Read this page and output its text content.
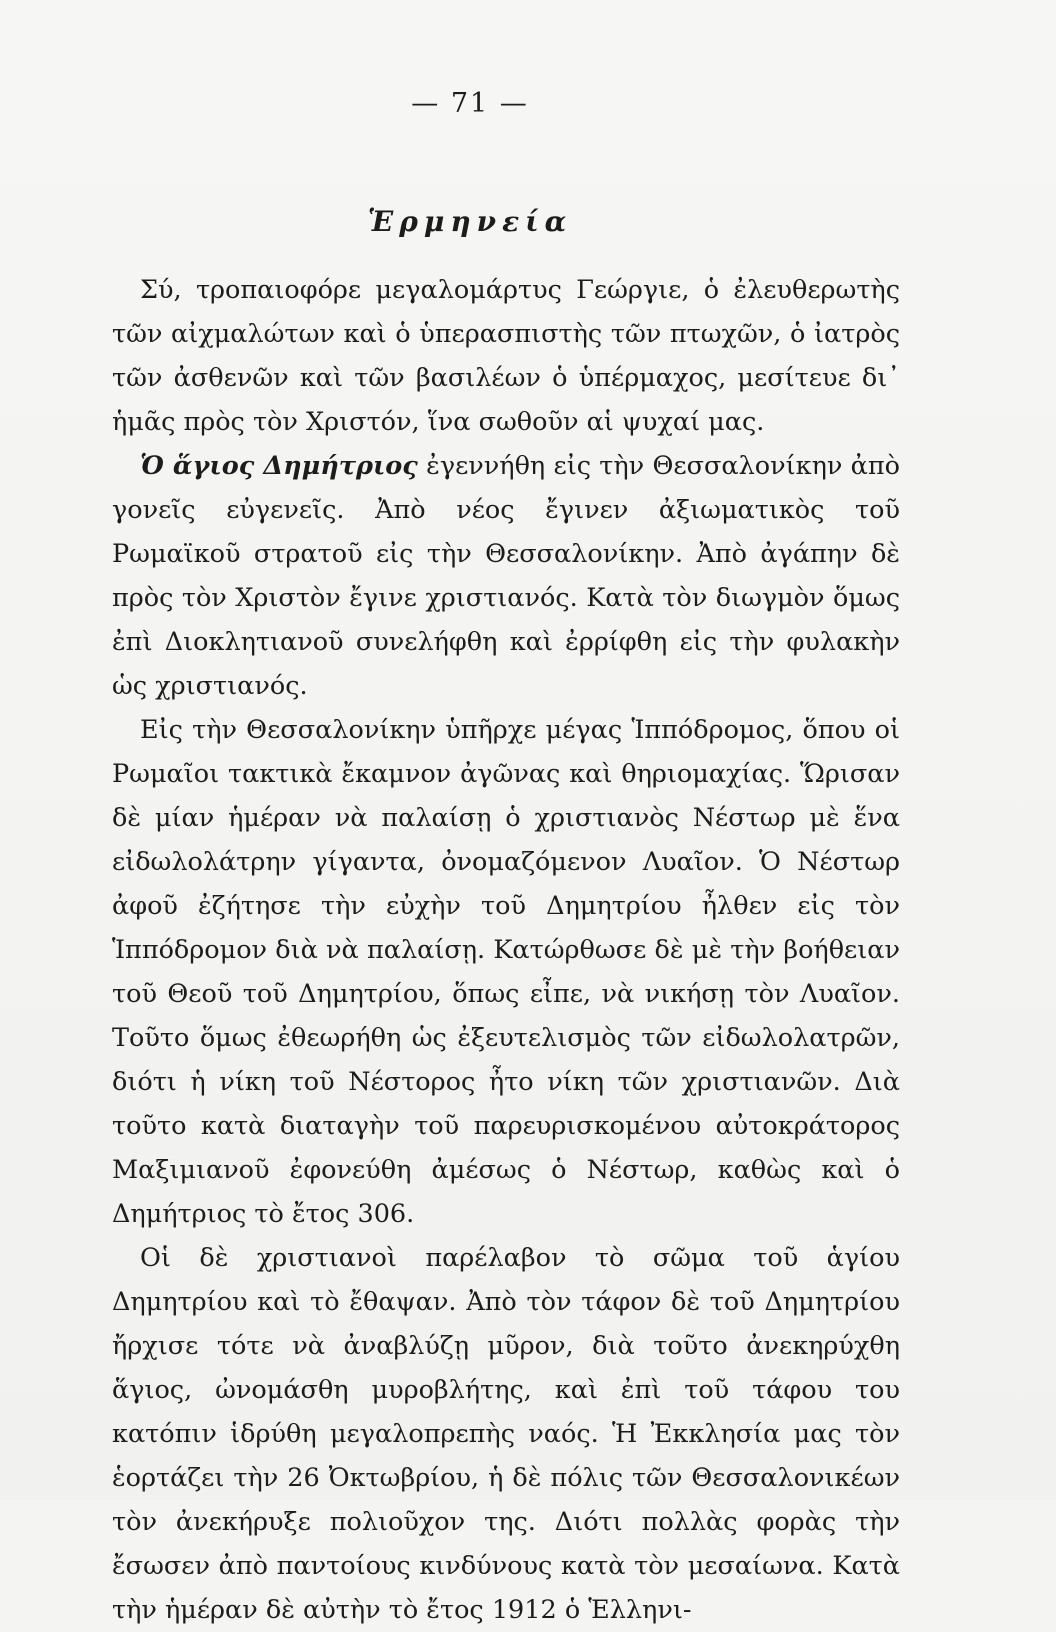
— 71 —
Ἑρμηνεία

Σύ, τροπαιοφόρε μεγαλομάρτυς Γεώργιε, ὁ ἐλευθερωτὴς τῶν αἰχμαλώτων καὶ ὁ ὑπερασπιστὴς τῶν πτωχῶν, ὁ ἰατρὸς τῶν ἀσθενῶν καὶ τῶν βασιλέων ὁ ὑπέρμαχος, μεσίτευε δι᾽ ἡμᾶς πρὸς τὸν Χριστόν, ἵνα σωθοῦν αἱ ψυχαί μας.

Ὁ ἅγιος Δημήτριος ἐγεννήθη εἰς τὴν Θεσσαλονίκην ἀπὸ γονεῖς εὐγενεῖς. Ἀπὸ νέος ἔγινεν ἀξιωματικὸς τοῦ Ρωμαϊκοῦ στρατοῦ εἰς τὴν Θεσσαλονίκην. Ἀπὸ ἀγάπην δὲ πρὸς τὸν Χριστὸν ἔγινε χριστιανός. Κατὰ τὸν διωγμὸν ὅμως ἐπὶ Διοκλητιανοῦ συνελήφθη καὶ ἐρρίφθη εἰς τὴν φυλακὴν ὡς χριστιανός.

Εἰς τὴν Θεσσαλονίκην ὑπῆρχε μέγας Ἱππόδρομος, ὅπου οἱ Ρωμαῖοι τακτικὰ ἔκαμνον ἀγῶνας καὶ θηριομαχίας. Ὥρισαν δὲ μίαν ἡμέραν νὰ παλαίσῃ ὁ χριστιανὸς Νέστωρ μὲ ἕνα εἰδωλολάτρην γίγαντα, ὀνομαζόμενον Λυαῖον. Ὁ Νέστωρ ἀφοῦ ἐζήτησε τὴν εὐχὴν τοῦ Δημητρίου ἦλθεν εἰς τὸν Ἱππόδρομον διὰ νὰ παλαίσῃ. Κατώρθωσε δὲ μὲ τὴν βοήθειαν τοῦ Θεοῦ τοῦ Δημητρίου, ὅπως εἶπε, νὰ νικήσῃ τὸν Λυαῖον. Τοῦτο ὅμως ἐθεωρήθη ὡς ἐξευτελισμὸς τῶν εἰδωλολατρῶν, διότι ἡ νίκη τοῦ Νέστορος ἦτο νίκη τῶν χριστιανῶν. Διὰ τοῦτο κατὰ διαταγὴν τοῦ παρευρισκομένου αὐτοκράτορος Μαξιμιανοῦ ἐφονεύθη ἀμέσως ὁ Νέστωρ, καθὼς καὶ ὁ Δημήτριος τὸ ἔτος 306.

Οἱ δὲ χριστιανοὶ παρέλαβον τὸ σῶμα τοῦ ἁγίου Δημητρίου καὶ τὸ ἔθαψαν. Ἀπὸ τὸν τάφον δὲ τοῦ Δημητρίου ἤρχισε τότε νὰ ἀναβλύζῃ μῦρον, διὰ τοῦτο ἀνεκηρύχθη ἅγιος, ὠνομάσθη μυροβλήτης, καὶ ἐπὶ τοῦ τάφου του κατόπιν ἱδρύθη μεγαλοπρεπὴς ναός. Ἡ Ἐκκλησία μας τὸν ἑορτάζει τὴν 26 Ὀκτωβρίου, ἡ δὲ πόλις τῶν Θεσσαλονικέων τὸν ἀνεκήρυξε πολιοῦχον της. Διότι πολλὰς φορὰς τὴν ἔσωσεν ἀπὸ παντοίους κινδύνους κατὰ τὸν μεσαίωνα. Κατὰ τὴν ἡμέραν δὲ αὐτὴν τὸ ἔτος 1912 ὁ Ἑλληνι-
